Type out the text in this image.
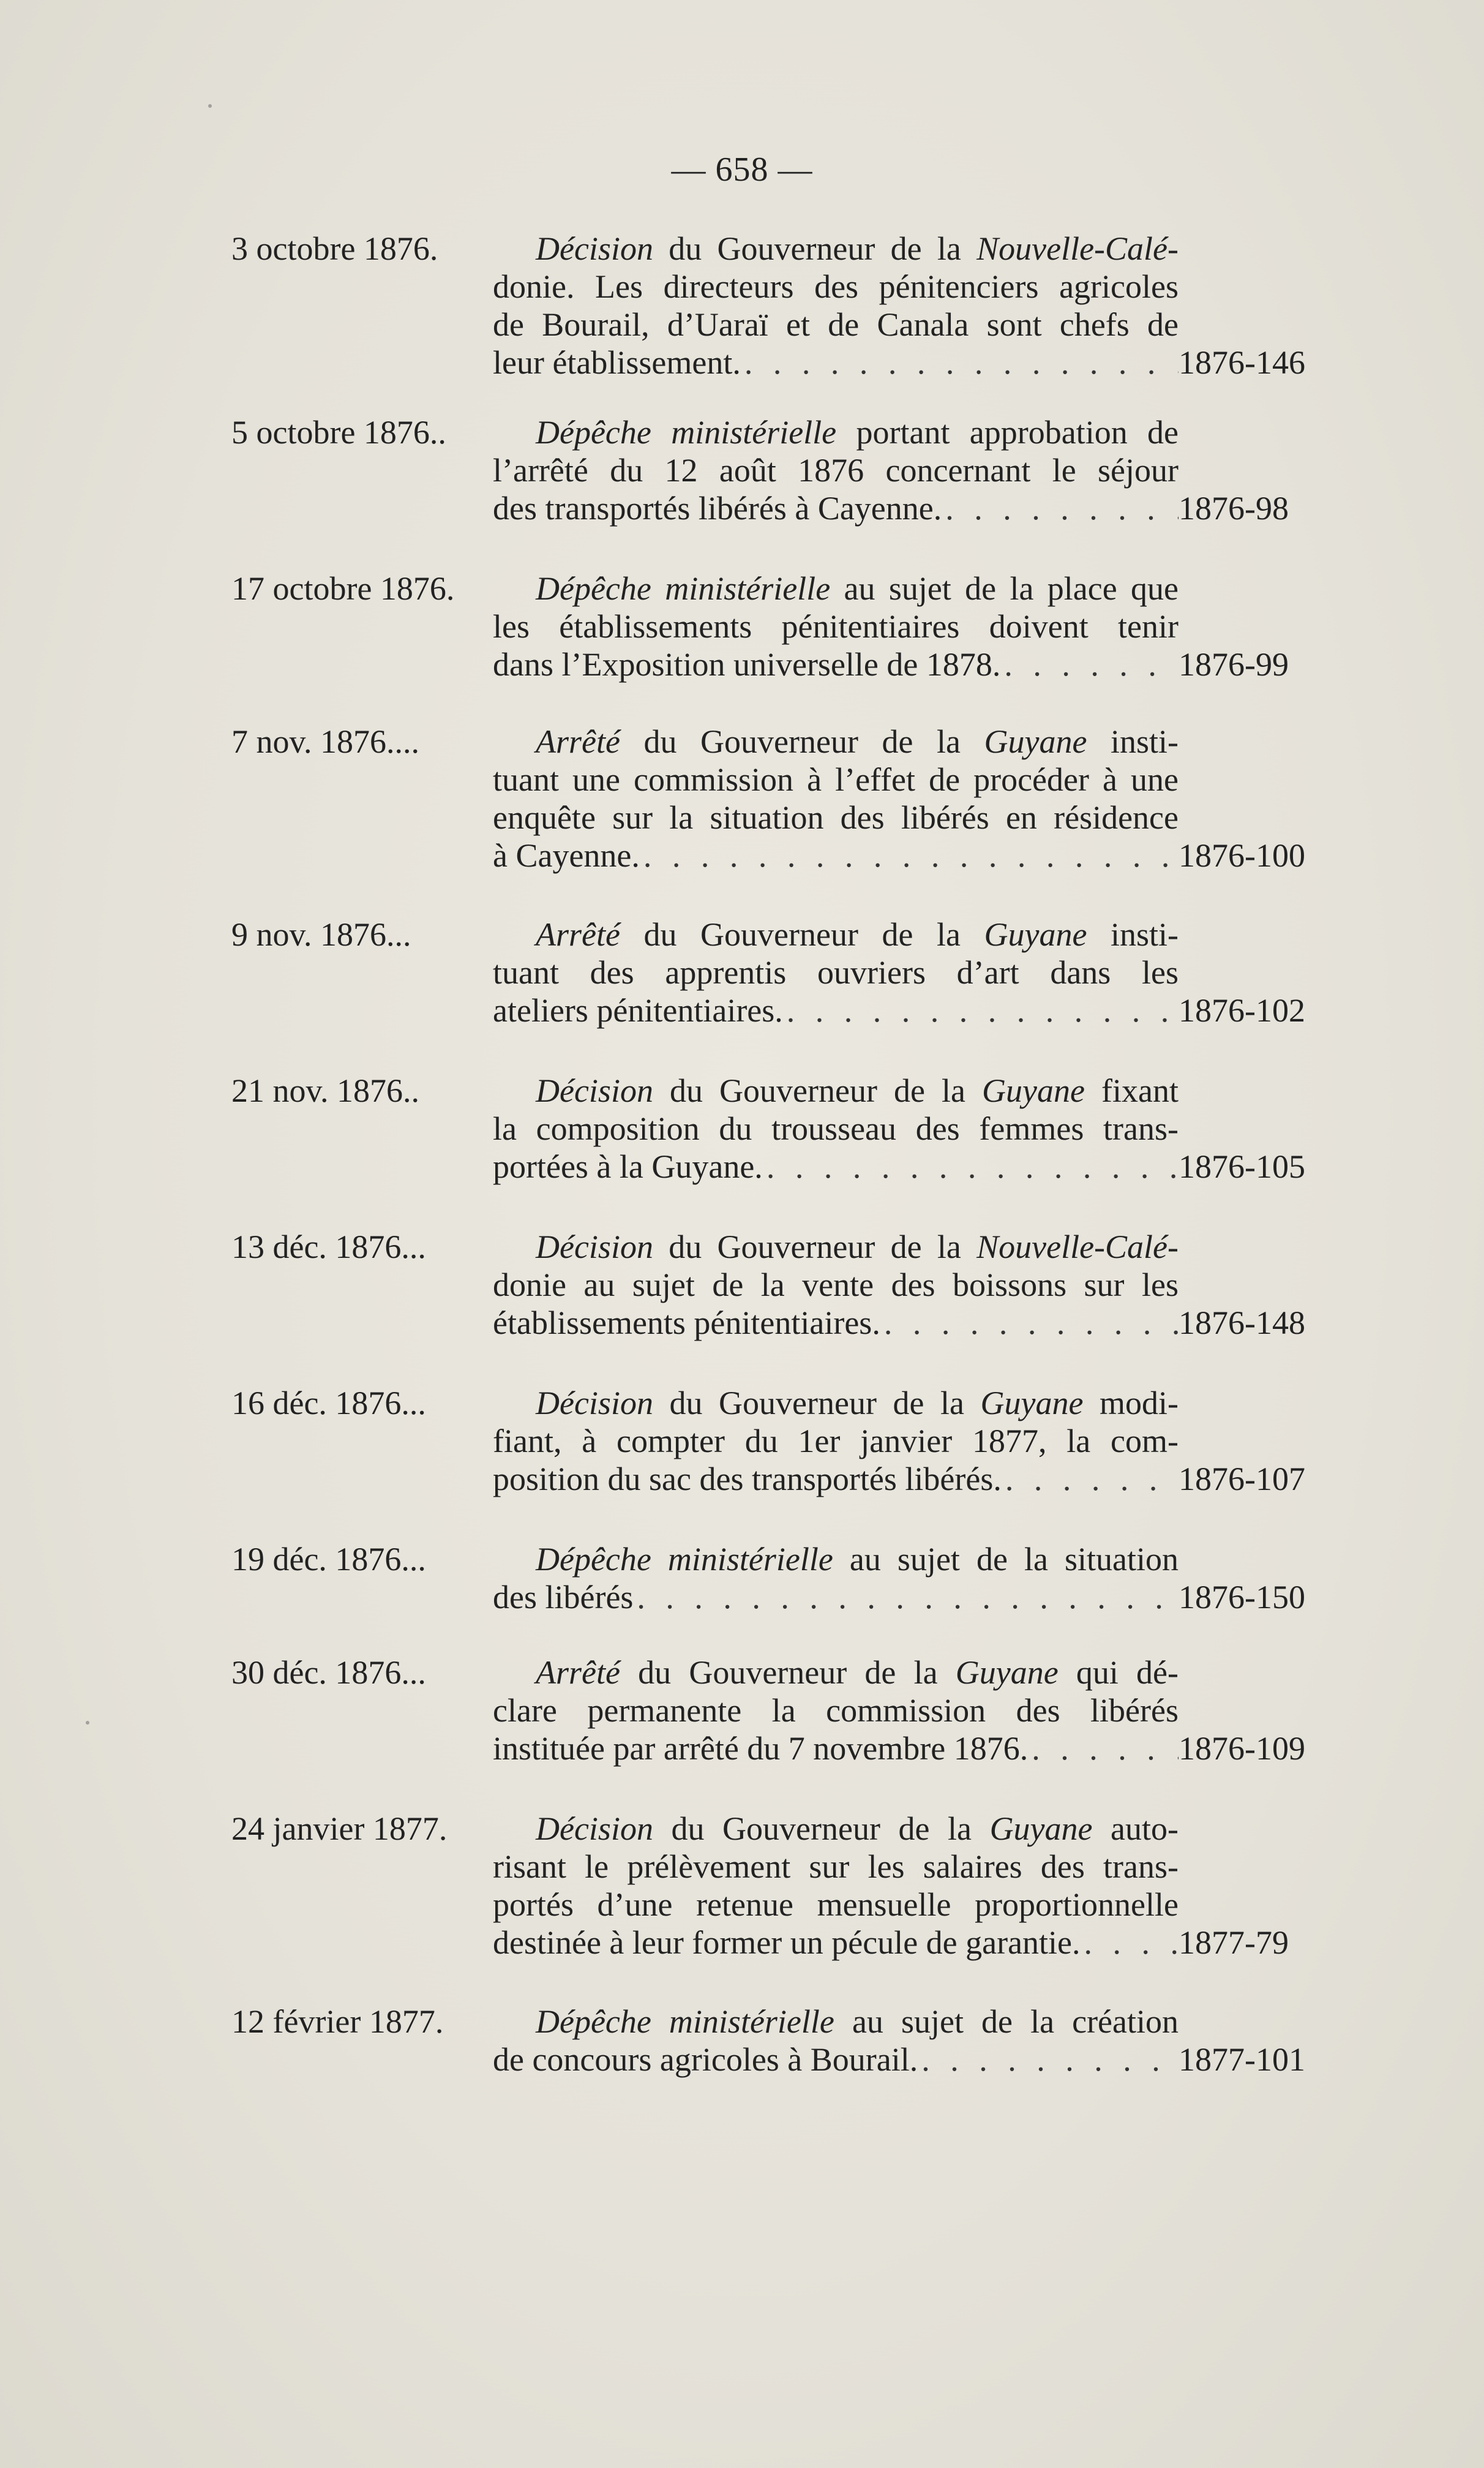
— 658 —
3 octobre 1876.	Décision du Gouverneur de la Nouvelle-Calé-
donie. Les directeurs des pénitenciers agricoles
de Bourail, d’Uaraï et de Canala sont chefs de
leur établissement. . . .	1876-146
5 octobre 1876..	Dépêche ministérielle portant approbation de
l’arrêté du 12 août 1876 concernant le séjour
des transportés libérés à Cayenne. . . .	1876-98
17 octobre 1876.	Dépêche ministérielle au sujet de la place que
les établissements pénitentiaires doivent tenir
dans l’Exposition universelle de 1878. . . .	1876-99
7 nov. 1876....	Arrêté du Gouverneur de la Guyane insti-
tuant une commission à l’effet de procéder à une
enquête sur la situation des libérés en résidence
à Cayenne. . . .	1876-100
9 nov. 1876...	Arrêté du Gouverneur de la Guyane insti-
tuant des apprentis ouvriers d’art dans les
ateliers pénitentiaires. . . .	1876-102
21 nov. 1876..	Décision du Gouverneur de la Guyane fixant
la composition du trousseau des femmes trans-
portées à la Guyane. . . .	1876-105
13 déc. 1876...	Décision du Gouverneur de la Nouvelle-Calé-
donie au sujet de la vente des boissons sur les
établissements pénitentiaires. . . .	1876-148
16 déc. 1876...	Décision du Gouverneur de la Guyane modi-
fiant, à compter du 1er janvier 1877, la com-
position du sac des transportés libérés. . . .	1876-107
19 déc. 1876...	Dépêche ministérielle au sujet de la situation
des libérés . . .	1876-150
30 déc. 1876...	Arrêté du Gouverneur de la Guyane qui dé-
clare permanente la commission des libérés
instituée par arrêté du 7 novembre 1876. . . .	1876-109
24 janvier 1877.	Décision du Gouverneur de la Guyane auto-
risant le prélèvement sur les salaires des trans-
portés d’une retenue mensuelle proportionnelle
destinée à leur former un pécule de garantie. . . .	1877-79
12 février 1877.	Dépêche ministérielle au sujet de la création
de concours agricoles à Bourail. . . .	1877-101
